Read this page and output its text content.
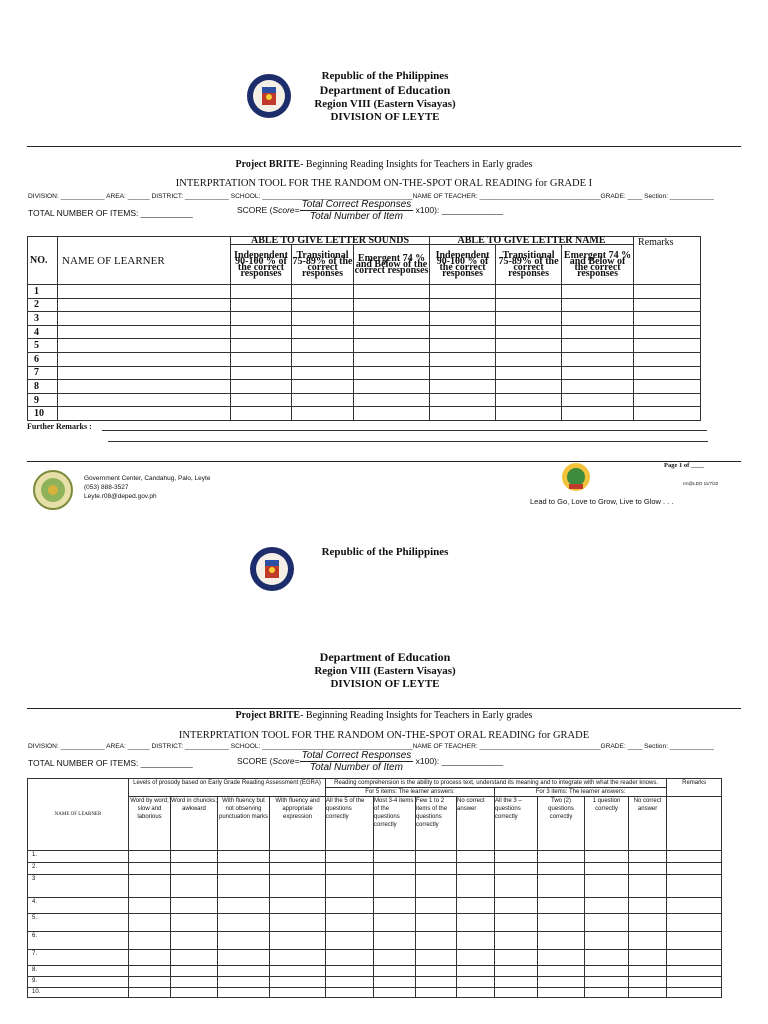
Republic of the Philippines
Department of Education
Region VIII (Eastern Visayas)
DIVISION OF LEYTE
Project BRITE- Beginning Reading Insights for Teachers in Early grades
INTERPRTATION TOOL FOR THE RANDOM ON-THE-SPOT ORAL READING for GRADE I
DIVISION: ____________ AREA: ______ DISTRICT: ____________ SCHOOL: _________________________________________NAME OF TEACHER: _________________________________GRADE: ____ Section: ____________
TOTAL NUMBER OF ITEMS: ___________	SCORE (Score= $\frac{\text{Total Correct Responses}}{\text{Total Number of Item}} x100$): _____________
NO.	NAME OF LEARNER	ABLE TO GIVE LETTER SOUNDS			ABLE TO GIVE LETTER NAME			Remarks
		Independent 90-100 % of the correct responses	Transitional 75-89% of the correct responses	Emergent 74 % and Below of the correct responses	Independent 90-100 % of the correct responses	Transitional 75-89% of the correct responses	Emergent 74 % and Below of the correct responses	
1								
2								
3								
4								
5								
6								
7								
8								
9								
10								
Further Remarks :
Government Center, Candahug, Palo, Leyte
(053) 888-3527
Leyte.r08@deped.gov.ph
Page 1 of ____
rrn@LDO 11/7/22
Lead to Go, Love to Grow, Live to Glow . . .
Republic of the Philippines
Department of Education
Region VIII (Eastern Visayas)
DIVISION OF LEYTE
Project BRITE- Beginning Reading Insights for Teachers in Early grades
INTERPRTATION TOOL FOR THE RANDOM ON-THE-SPOT ORAL READING for GRADE
DIVISION: ____________ AREA: ______ DISTRICT: ____________ SCHOOL: _________________________________________NAME OF TEACHER: _________________________________GRADE: ____ Section: ____________
TOTAL NUMBER OF ITEMS: ___________	SCORE (Score= $\frac{\text{Total Correct Responses}}{\text{Total Number of Item}} x100$): _____________
NAME OF LEARNER	Levels of prosody based on Early Grade Reading Assessment (EGRA)				Reading comprehension is the ability to process text, understand its meaning and to integrate with what the reader knows.								Remarks
					For 5 items: The learner answers:				For 3 items: The learner answers:				
	Word by word; slow and laborious	Word in chuncks; awkward	With fluency but not observing punctuation marks	With fluency and appropriate expression	All the 5 of the questions correctly	Most 3-4 items of the questions correctly	Few 1 to 2 items of the questions correctly	No correct answer	All the 3 – questions correctly	Two (2) questions correctly	1 question correctly	No correct answer	
1.													
2.													
3													
4.													
5.													
6.													
7.													
8.													
9.													
10.													
